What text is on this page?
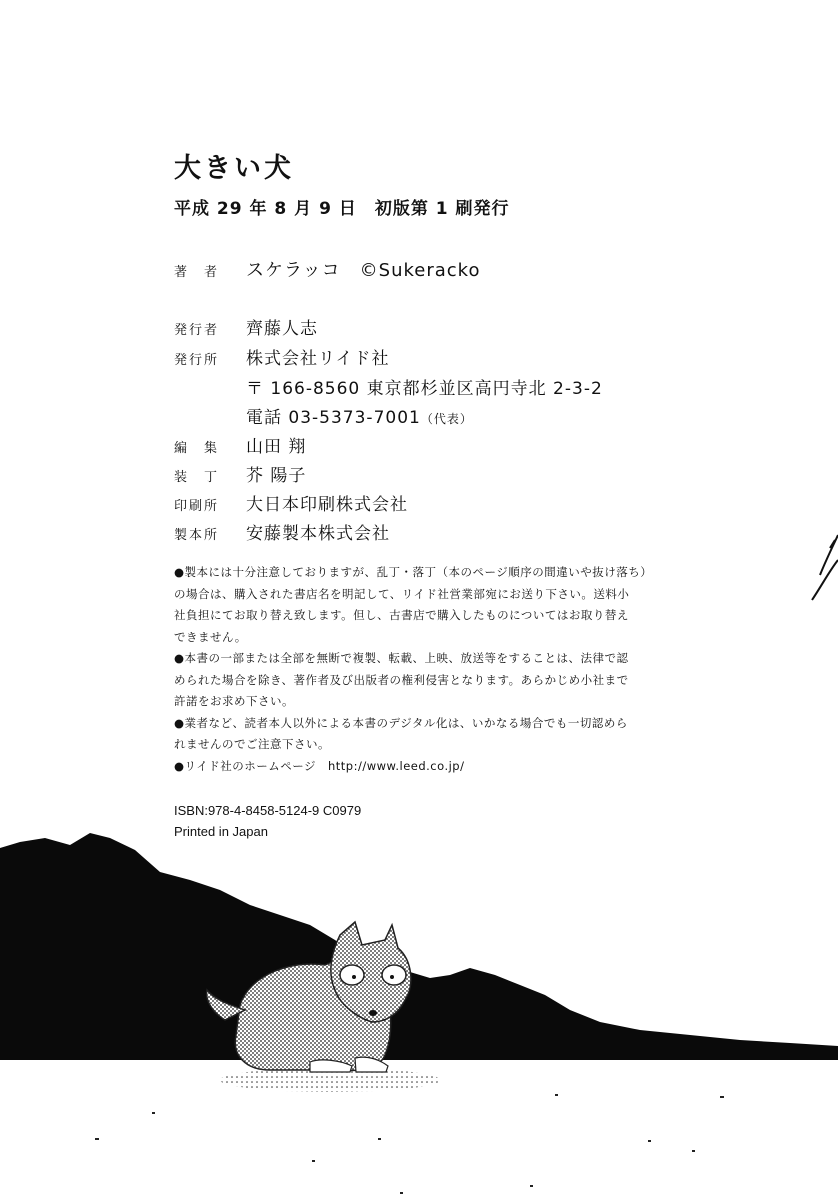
大きい犬
平成 29 年 8 月 9 日　初版第 1 刷発行
著　者	スケラッコ　©Sukeracko
発行者	齊藤人志
発行所	株式会社リイド社
〒 166-8560 東京都杉並区高円寺北 2-3-2
電話 03-5373-7001（代表）
編　集	山田 翔
装　丁	芥 陽子
印刷所	大日本印刷株式会社
製本所	安藤製本株式会社

●製本には十分注意しておりますが、乱丁・落丁（本のページ順序の間違いや抜け落ち）

の場合は、購入された書店名を明記して、リイド社営業部宛にお送り下さい。送料小

社負担にてお取り替え致します。但し、古書店で購入したものについてはお取り替え

できません。

●本書の一部または全部を無断で複製、転載、上映、放送等をすることは、法律で認

められた場合を除き、著作者及び出版者の権利侵害となります。あらかじめ小社まで

許諾をお求め下さい。

●業者など、読者本人以外による本書のデジタル化は、いかなる場合でも一切認めら

れませんのでご注意下さい。

●リイド社のホームページ　http://www.leed.co.jp/

ISBN:978-4-8458-5124-9 C0979

Printed in Japan
